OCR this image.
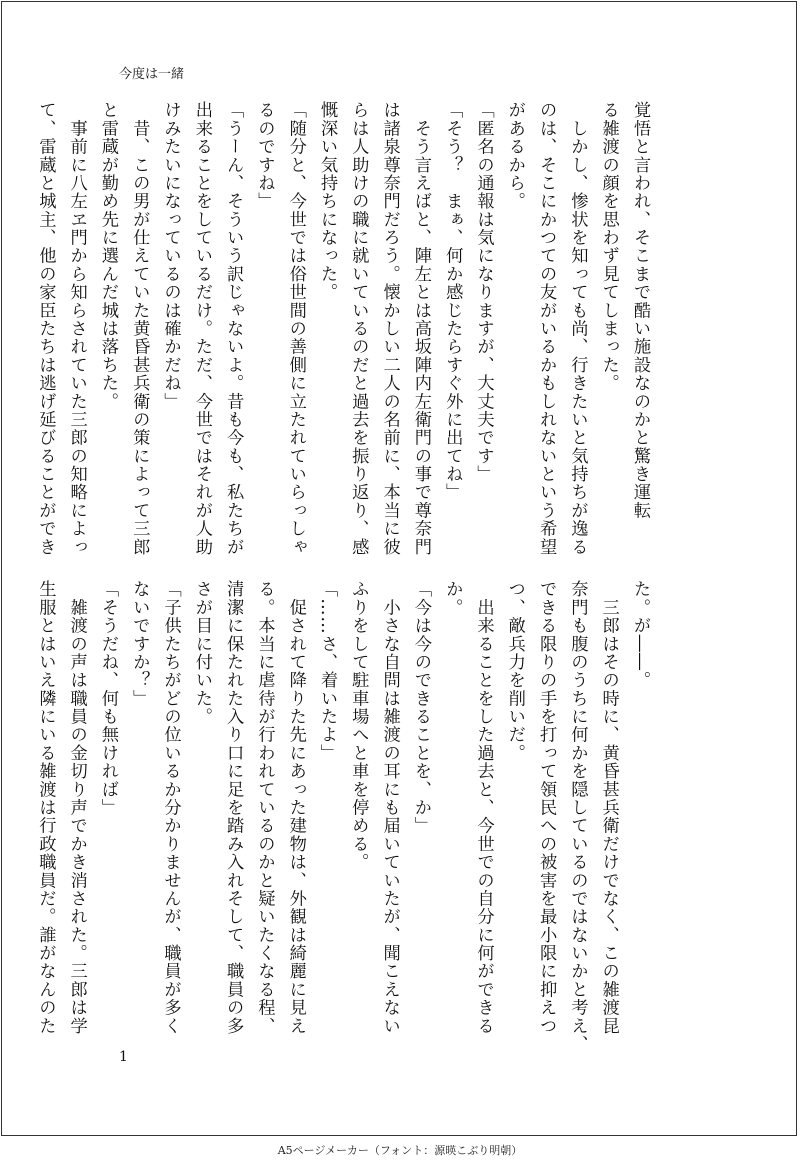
今度は一緒
覚悟と言われ、そこまで酷い施設なのかと驚き運転
る雑渡の顔を思わず見てしまった。
　しかし、惨状を知っても尚、行きたいと気持ちが逸る
のは、そこにかつての友がいるかもしれないという希望
があるから。
「匿名の通報は気になりますが、大丈夫です」
「そう？　まぁ、何か感じたらすぐ外に出てね」
　そう言えばと、陣左とは高坂陣内左衛門の事で尊奈門
は諸泉尊奈門だろう。懐かしい二人の名前に、本当に彼
らは人助けの職に就いているのだと過去を振り返り、感
慨深い気持ちになった。
「随分と、今世では俗世間の善側に立たれていらっしゃ
るのですね」
「うーん、そういう訳じゃないよ。昔も今も、私たちが
出来ることをしているだけ。ただ、今世ではそれが人助
けみたいになっているのは確かだね」
　昔、この男が仕えていた黄昏甚兵衛の策によって三郎
と雷蔵が勤め先に選んだ城は落ちた。
　事前に八左ヱ門から知らされていた三郎の知略によっ
て、雷蔵と城主、他の家臣たちは逃げ延びることができ
た。が――。
　三郎はその時に、黄昏甚兵衛だけでなく、この雑渡昆
奈門も腹のうちに何かを隠しているのではないかと考え、
できる限りの手を打って領民への被害を最小限に抑えつ
つ、敵兵力を削いだ。
　出来ることをした過去と、今世での自分に何ができる
か。
「今は今のできることを、か」
　小さな自問は雑渡の耳にも届いていたが、聞こえない
ふりをして駐車場へと車を停める。
「……さ、着いたよ」
　促されて降りた先にあった建物は、外観は綺麗に見え
る。本当に虐待が行われているのかと疑いたくなる程、
清潔に保たれた入り口に足を踏み入れそして、職員の多
さが目に付いた。
「子供たちがどの位いるか分かりませんが、職員が多く
ないですか？」
「そうだね、何も無ければ」
　雑渡の声は職員の金切り声でかき消された。三郎は学
生服とはいえ隣にいる雑渡は行政職員だ。誰がなんのた
1
A5ページメーカー（フォント：源暎こぶり明朝）
